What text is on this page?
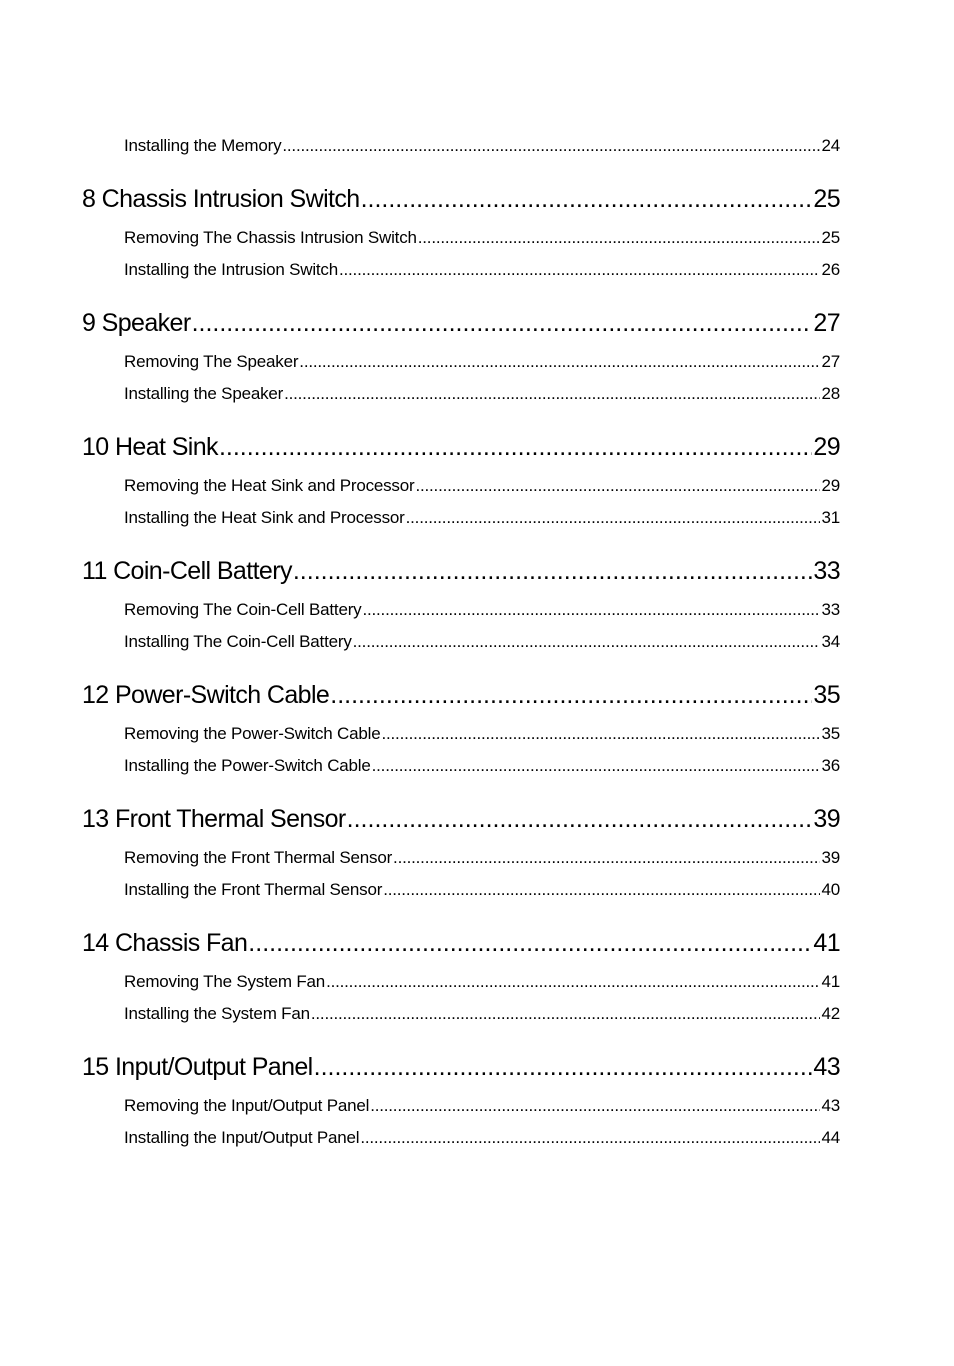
Installing the Memory .....	24
8 Chassis Intrusion Switch .....	25
Removing The Chassis Intrusion Switch .....	25
Installing the Intrusion Switch .....	26
9 Speaker .....	27
Removing The Speaker .....	27
Installing the Speaker .....	28
10 Heat Sink .....	29
Removing the Heat Sink and Processor .....	29
Installing the Heat Sink and Processor .....	31
11 Coin-Cell Battery .....	33
Removing The Coin-Cell Battery .....	33
Installing The Coin-Cell Battery .....	34
12 Power-Switch Cable .....	35
Removing the Power-Switch Cable .....	35
Installing the Power-Switch Cable .....	36
13 Front Thermal Sensor .....	39
Removing the Front Thermal Sensor .....	39
Installing the Front Thermal Sensor .....	40
14 Chassis Fan .....	41
Removing The System Fan .....	41
Installing the System Fan .....	42
15 Input/Output Panel .....	43
Removing the Input/Output Panel .....	43
Installing the Input/Output Panel .....	44
